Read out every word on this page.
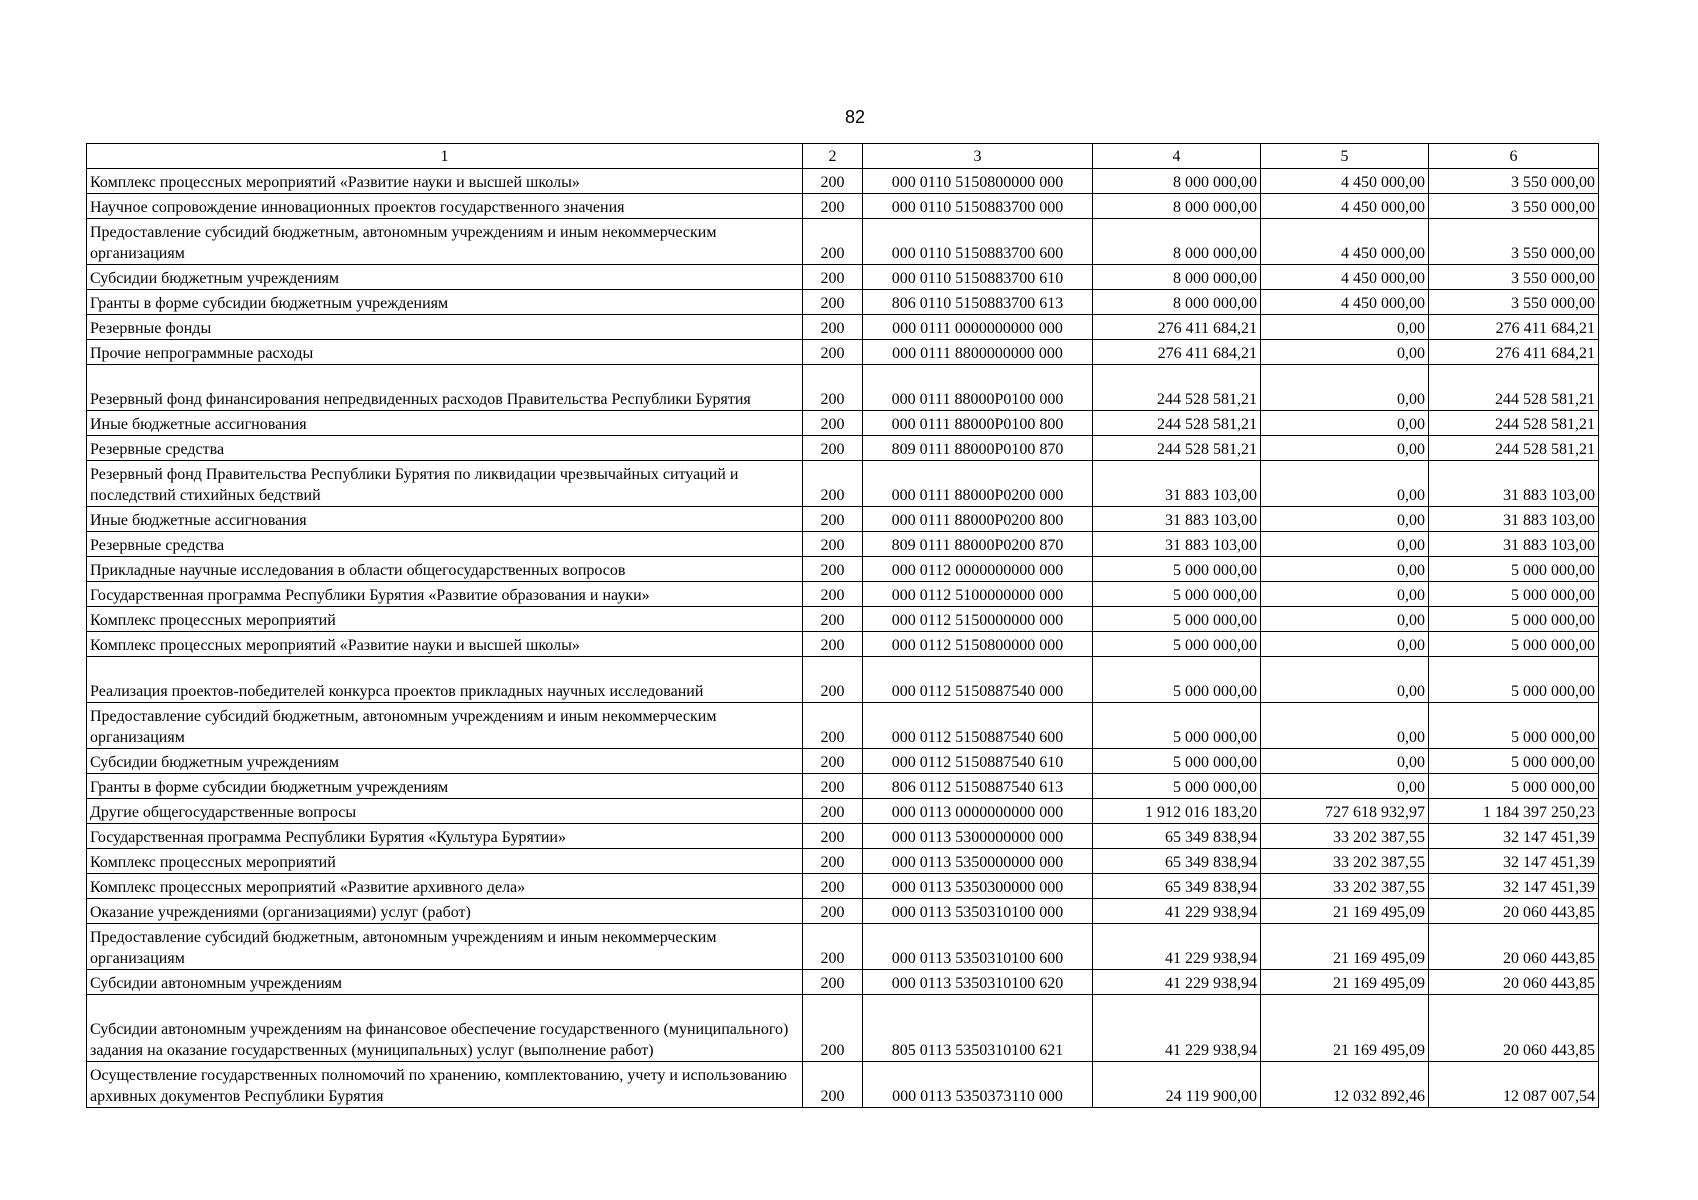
82
1	2	3	4	5	6
Комплекс процессных мероприятий «Развитие науки и высшей школы»	200	000 0110 5150800000 000	8 000 000,00	4 450 000,00	3 550 000,00
Научное сопровождение инновационных проектов государственного значения	200	000 0110 5150883700 000	8 000 000,00	4 450 000,00	3 550 000,00
Предоставление субсидий бюджетным, автономным учреждениям и иным некоммерческим организациям	200	000 0110 5150883700 600	8 000 000,00	4 450 000,00	3 550 000,00
Субсидии бюджетным учреждениям	200	000 0110 5150883700 610	8 000 000,00	4 450 000,00	3 550 000,00
Гранты в форме субсидии бюджетным учреждениям	200	806 0110 5150883700 613	8 000 000,00	4 450 000,00	3 550 000,00
Резервные фонды	200	000 0111 0000000000 000	276 411 684,21	0,00	276 411 684,21
Прочие непрограммные расходы	200	000 0111 8800000000 000	276 411 684,21	0,00	276 411 684,21
Резервный фонд финансирования непредвиденных расходов Правительства Республики Бурятия	200	000 0111 88000Р0100 000	244 528 581,21	0,00	244 528 581,21
Иные бюджетные ассигнования	200	000 0111 88000Р0100 800	244 528 581,21	0,00	244 528 581,21
Резервные средства	200	809 0111 88000Р0100 870	244 528 581,21	0,00	244 528 581,21
Резервный фонд Правительства Республики Бурятия по ликвидации чрезвычайных ситуаций и последствий стихийных бедствий	200	000 0111 88000Р0200 000	31 883 103,00	0,00	31 883 103,00
Иные бюджетные ассигнования	200	000 0111 88000Р0200 800	31 883 103,00	0,00	31 883 103,00
Резервные средства	200	809 0111 88000Р0200 870	31 883 103,00	0,00	31 883 103,00
Прикладные научные исследования в области общегосударственных вопросов	200	000 0112 0000000000 000	5 000 000,00	0,00	5 000 000,00
Государственная программа Республики Бурятия «Развитие образования и науки»	200	000 0112 5100000000 000	5 000 000,00	0,00	5 000 000,00
Комплекс процессных мероприятий	200	000 0112 5150000000 000	5 000 000,00	0,00	5 000 000,00
Комплекс процессных мероприятий «Развитие науки и высшей школы»	200	000 0112 5150800000 000	5 000 000,00	0,00	5 000 000,00
Реализация проектов-победителей конкурса проектов прикладных научных исследований	200	000 0112 5150887540 000	5 000 000,00	0,00	5 000 000,00
Предоставление субсидий бюджетным, автономным учреждениям и иным некоммерческим организациям	200	000 0112 5150887540 600	5 000 000,00	0,00	5 000 000,00
Субсидии бюджетным учреждениям	200	000 0112 5150887540 610	5 000 000,00	0,00	5 000 000,00
Гранты в форме субсидии бюджетным учреждениям	200	806 0112 5150887540 613	5 000 000,00	0,00	5 000 000,00
Другие общегосударственные вопросы	200	000 0113 0000000000 000	1 912 016 183,20	727 618 932,97	1 184 397 250,23
Государственная программа Республики Бурятия «Культура Бурятии»	200	000 0113 5300000000 000	65 349 838,94	33 202 387,55	32 147 451,39
Комплекс процессных мероприятий	200	000 0113 5350000000 000	65 349 838,94	33 202 387,55	32 147 451,39
Комплекс процессных мероприятий «Развитие архивного дела»	200	000 0113 5350300000 000	65 349 838,94	33 202 387,55	32 147 451,39
Оказание учреждениями (организациями) услуг (работ)	200	000 0113 5350310100 000	41 229 938,94	21 169 495,09	20 060 443,85
Предоставление субсидий бюджетным, автономным учреждениям и иным некоммерческим организациям	200	000 0113 5350310100 600	41 229 938,94	21 169 495,09	20 060 443,85
Субсидии автономным учреждениям	200	000 0113 5350310100 620	41 229 938,94	21 169 495,09	20 060 443,85
Субсидии автономным учреждениям на финансовое обеспечение государственного (муниципального) задания на оказание государственных (муниципальных) услуг (выполнение работ)	200	805 0113 5350310100 621	41 229 938,94	21 169 495,09	20 060 443,85
Осуществление государственных полномочий по хранению, комплектованию, учету и использованию архивных документов Республики Бурятия	200	000 0113 5350373110 000	24 119 900,00	12 032 892,46	12 087 007,54
